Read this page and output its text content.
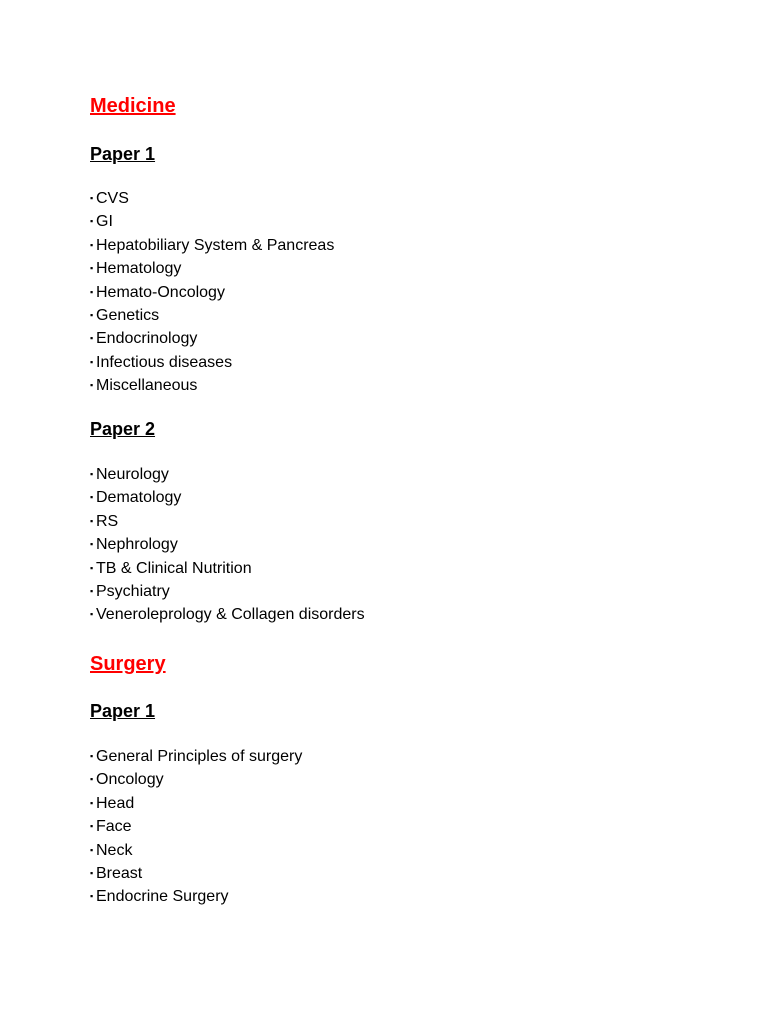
Medicine
Paper 1
▪ CVS
▪ GI
▪ Hepatobiliary System & Pancreas
▪ Hematology
▪ Hemato-Oncology
▪ Genetics
▪ Endocrinology
▪ Infectious diseases
▪ Miscellaneous
Paper 2
▪ Neurology
▪ Dematology
▪ RS
▪ Nephrology
▪ TB & Clinical Nutrition
▪ Psychiatry
▪ Veneroleprology & Collagen disorders
Surgery
Paper 1
▪ General Principles of surgery
▪ Oncology
▪ Head
▪ Face
▪ Neck
▪ Breast
▪ Endocrine Surgery
